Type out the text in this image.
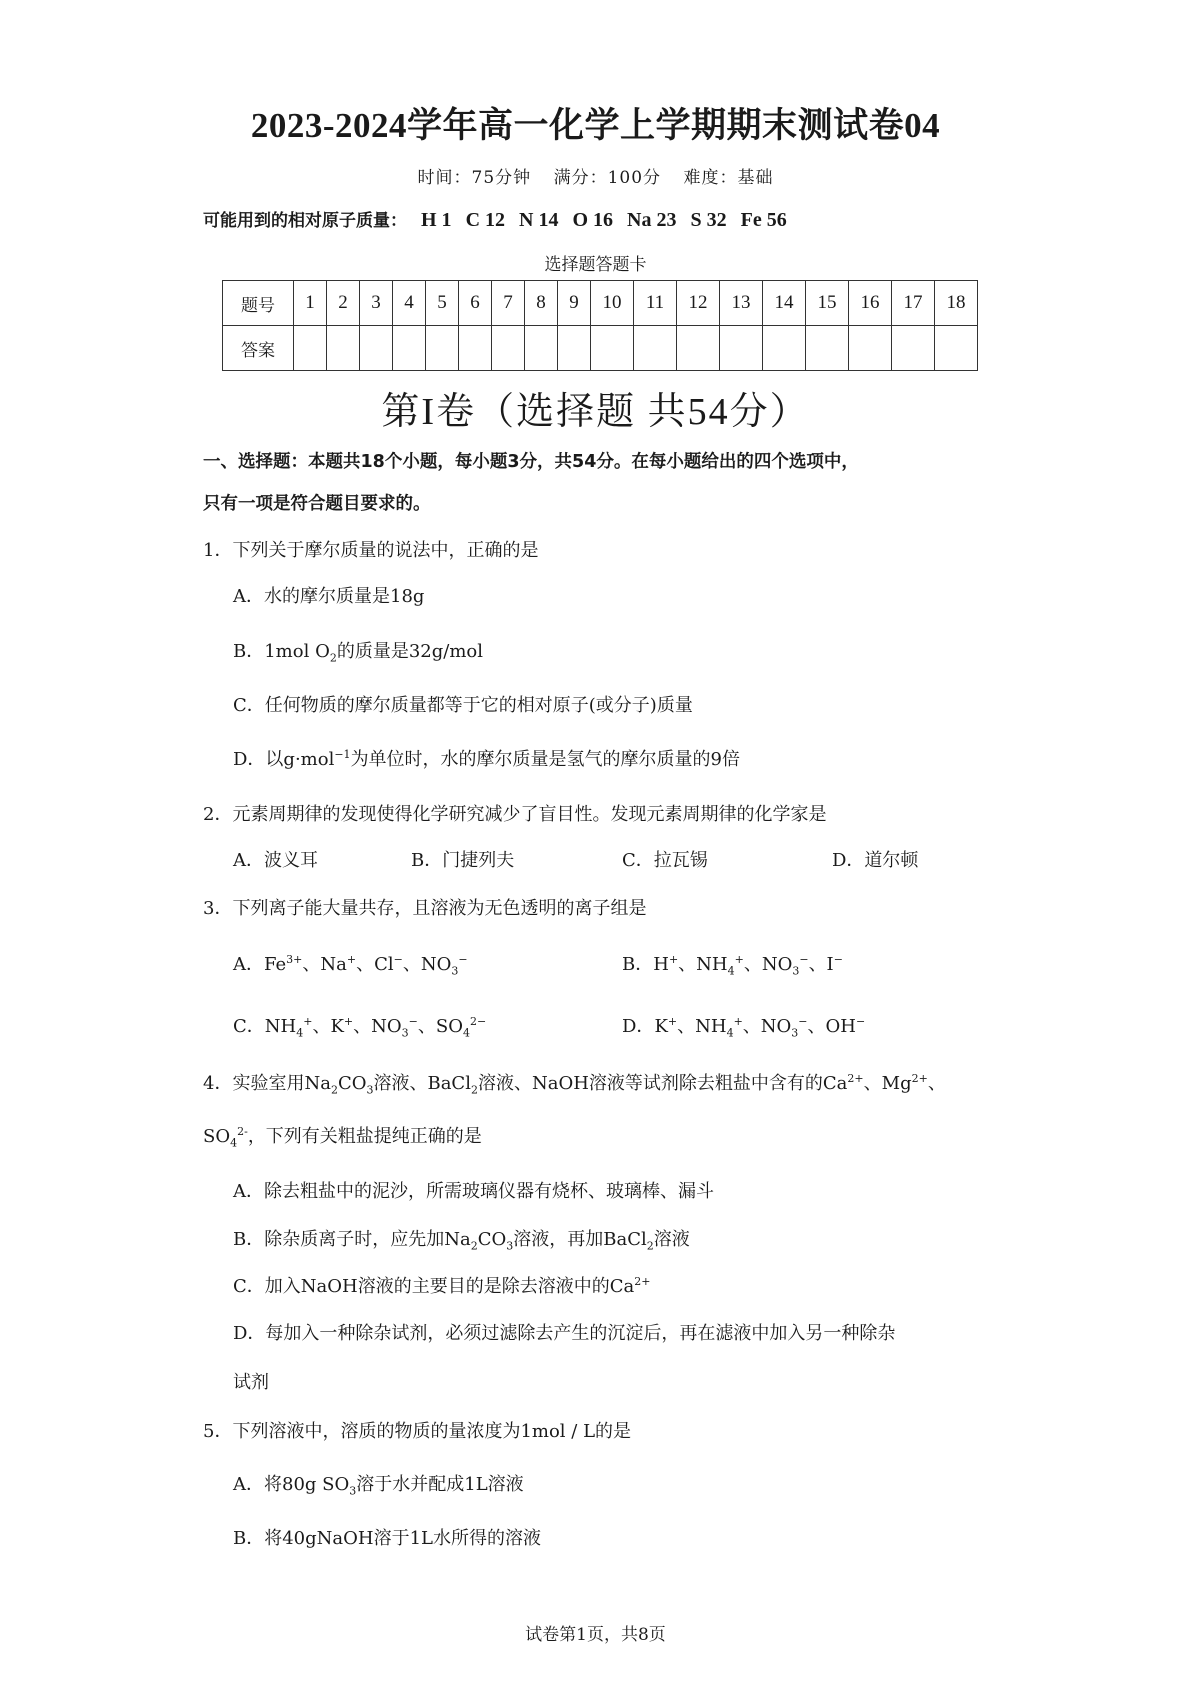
2023-2024学年高一化学上学期期末测试卷04
时间：75分钟 满分：100分 难度：基础
可能用到的相对原子质量： H 1 C 12 N 14 O 16 Na 23 S 32 Fe 56
选择题答题卡
题号	1	2	3	4	5	6	7	8	9	10	11	12	13	14	15	16	17	18
答案																		
第I卷（选择题 共54分）
一、选择题：本题共18个小题，每小题3分，共54分。在每小题给出的四个选项中，
只有一项是符合题目要求的。
1．下列关于摩尔质量的说法中，正确的是
A．水的摩尔质量是18g
B．1mol $O_2$的质量是32g/mol
C．任何物质的摩尔质量都等于它的相对原子(或分子)质量
D．以g·mol$^{-1}$为单位时，水的摩尔质量是氢气的摩尔质量的9倍
2．元素周期律的发现使得化学研究减少了盲目性。发现元素周期律的化学家是
A．波义耳	B．门捷列夫	C．拉瓦锡	D．道尔顿
3．下列离子能大量共存，且溶液为无色透明的离子组是
A．$Fe^{3+}$、Na+、Cl−、$NO_3^-$	B．H+、$NH_4^+$、$NO_3^-$、I−
C．$NH_4^+$、K+、$NO_3^-$、$SO_4^{2-}$	D．K+、$NH_4^+$、$NO_3^-$、OH−
4．实验室用$Na_2CO_3$溶液、BaCl$_2$溶液、NaOH溶液等试剂除去粗盐中含有的$Ca^{2+}$、$Mg^{2+}$、
$SO_4^{2-}$，下列有关粗盐提纯正确的是
A．除去粗盐中的泥沙，所需玻璃仪器有烧杯、玻璃棒、漏斗
B．除杂质离子时，应先加$Na_2CO_3$溶液，再加BaCl$_2$溶液
C．加入NaOH溶液的主要目的是除去溶液中的$Ca^{2+}$
D．每加入一种除杂试剂，必须过滤除去产生的沉淀后，再在滤液中加入另一种除杂
试剂
5．下列溶液中，溶质的物质的量浓度为1mol / L的是
A．将80g $SO_3$溶于水并配成1L溶液
B．将40gNaOH溶于1L水所得的溶液
试卷第1页，共8页
